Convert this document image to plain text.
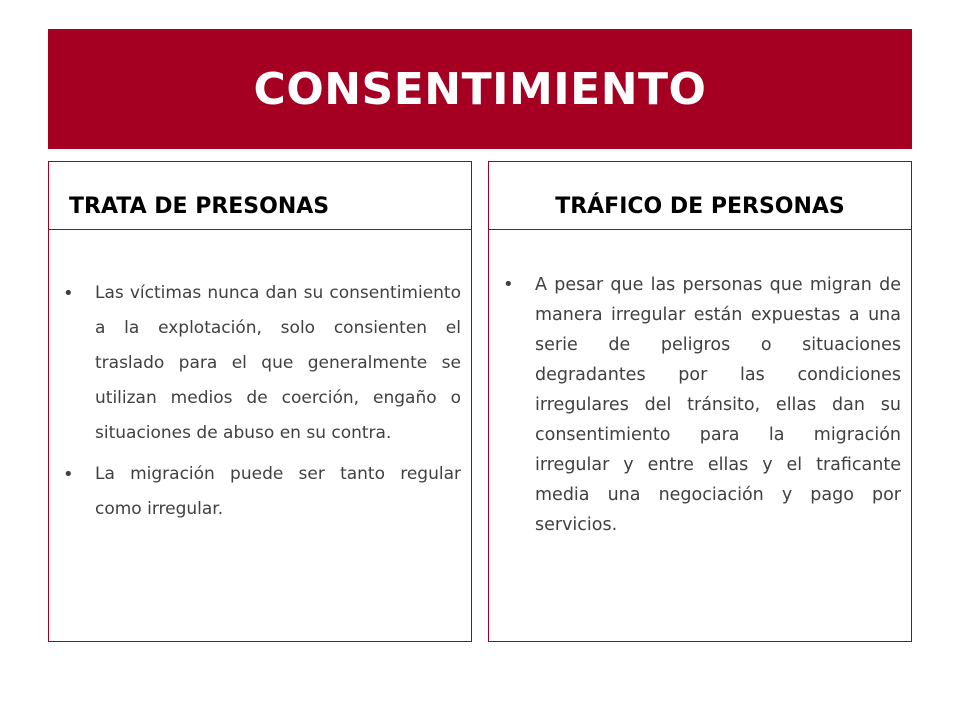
CONSENTIMIENTO
TRATA DE PRESONAS
• Las víctimas nunca dan su consentimiento a la explotación, solo consienten el traslado para el que generalmente se utilizan medios de coerción, engaño o situaciones de abuso en su contra.
• La migración puede ser tanto regular como irregular.
TRÁFICO DE PERSONAS
• A pesar que las personas que migran de manera irregular están expuestas a una serie de peligros o situaciones degradantes por las condiciones irregulares del tránsito, ellas dan su consentimiento para la migración irregular y entre ellas y el traficante media una negociación y pago por servicios.
